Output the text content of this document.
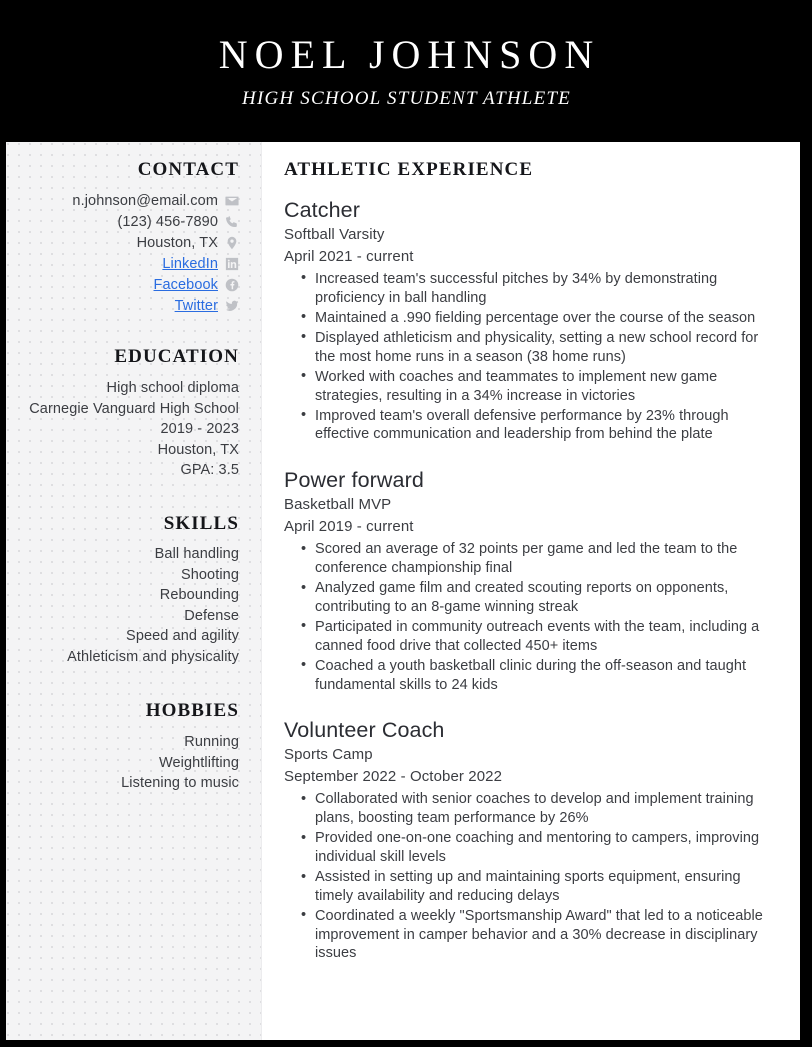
NOEL JOHNSON
HIGH SCHOOL STUDENT ATHLETE
CONTACT
n.johnson@email.com
(123) 456-7890
Houston, TX
LinkedIn
Facebook
Twitter
EDUCATION
High school diploma
Carnegie Vanguard High School
2019 - 2023
Houston, TX
GPA: 3.5
SKILLS
Ball handling
Shooting
Rebounding
Defense
Speed and agility
Athleticism and physicality
HOBBIES
Running
Weightlifting
Listening to music
ATHLETIC EXPERIENCE
Catcher
Softball Varsity
April 2021 - current
• Increased team's successful pitches by 34% by demonstrating proficiency in ball handling
• Maintained a .990 fielding percentage over the course of the season
• Displayed athleticism and physicality, setting a new school record for the most home runs in a season (38 home runs)
• Worked with coaches and teammates to implement new game strategies, resulting in a 34% increase in victories
• Improved team's overall defensive performance by 23% through effective communication and leadership from behind the plate
Power forward
Basketball MVP
April 2019 - current
• Scored an average of 32 points per game and led the team to the conference championship final
• Analyzed game film and created scouting reports on opponents, contributing to an 8-game winning streak
• Participated in community outreach events with the team, including a canned food drive that collected 450+ items
• Coached a youth basketball clinic during the off-season and taught fundamental skills to 24 kids
Volunteer Coach
Sports Camp
September 2022 - October 2022
• Collaborated with senior coaches to develop and implement training plans, boosting team performance by 26%
• Provided one-on-one coaching and mentoring to campers, improving individual skill levels
• Assisted in setting up and maintaining sports equipment, ensuring timely availability and reducing delays
• Coordinated a weekly "Sportsmanship Award" that led to a noticeable improvement in camper behavior and a 30% decrease in disciplinary issues
